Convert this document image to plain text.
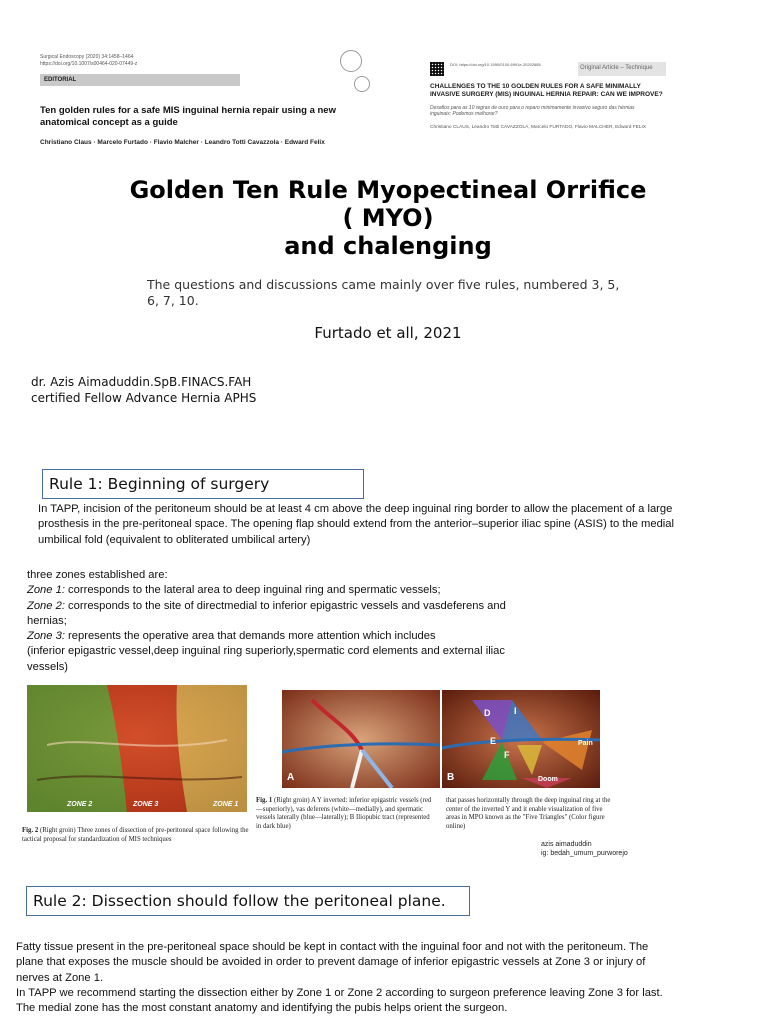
Surgical Endoscopy (2020) 34:1458–1464
https://doi.org/10.1007/s00464-020-07449-z
EDITORIAL
Ten golden rules for a safe MIS inguinal hernia repair using a new anatomical concept as a guide
Christiano Claus · Marcelo Furtado · Flavio Malcher · Leandro Totti Cavazzola · Edward Felix
DOI: https://doi.org/10.1590/0100-6991e-20202685
Original Article – Technique
CHALLENGES TO THE 10 GOLDEN RULES FOR A SAFE MINIMALLY INVASIVE SURGERY (MIS) INGUINAL HERNIA REPAIR: CAN WE IMPROVE?
Desafios para as 10 regras de ouro para o reparo minimamente invasivo seguro das hérnias inguinais: Podemos melhorar?
Christiano CLAUS, Leandro Totti CAVAZZOLA, Marcelo FURTADO, Flavio MALCHER, Edward FELIX
Golden Ten Rule Myopectineal Orrifice
( MYO)
and chalenging
The questions and discussions came mainly over five rules, numbered 3, 5, 6, 7, 10.
Furtado et all, 2021
dr. Azis Aimaduddin.SpB.FINACS.FAH
certified Fellow Advance Hernia APHS
Rule 1: Beginning of surgery
In TAPP, incision of the peritoneum should be at least 4 cm above the deep inguinal ring border to allow the placement of a large prosthesis in the pre-peritoneal space. The opening flap should extend from the anterior–superior iliac spine (ASIS) to the medial umbilical fold (equivalent to obliterated umbilical artery)
three zones established are:
Zone 1: corresponds to the lateral area to deep inguinal ring and spermatic vessels;
Zone 2: corresponds to the site of directmedial to inferior epigastric vessels and vasdeferens and hernias;
Zone 3: represents the operative area that demands more attention which includes
(inferior epigastric vessel,deep inguinal ring superiorly,spermatic cord elements and external iliac vessels)
ZONE 2	ZONE 3	ZONE 1
A
D	I
E
F
Pain
Doom
B
Fig. 2 (Right groin) Three zones of dissection of pre-peritoneal space following the tactical proposal for standardization of MIS techniques
Fig. 1 (Right groin) A Y inverted: inferior epigastric vessels (red—superiorly), vas deferens (white—medially), and spermatic vessels laterally (blue—laterally); B Iliopubic tract (represented in dark blue)
that passes horizontally through the deep inguinal ring at the center of the inverted Y and it enable visualization of five areas in MPO known as the "Five Triangles" (Color figure online)
azis aimaduddin
ig: bedah_umum_purworejo
Rule 2: Dissection should follow the peritoneal plane.
Fatty tissue present in the pre-peritoneal space should be kept in contact with the inguinal foor and not with the peritoneum. The plane that exposes the muscle should be avoided in order to prevent damage of inferior epigastric vessels at Zone 3 or injury of nerves at Zone 1.
In TAPP we recommend starting the dissection either by Zone 1 or Zone 2 according to surgeon preference leaving Zone 3 for last. The medial zone has the most constant anatomy and identifying the pubis helps orient the surgeon.
